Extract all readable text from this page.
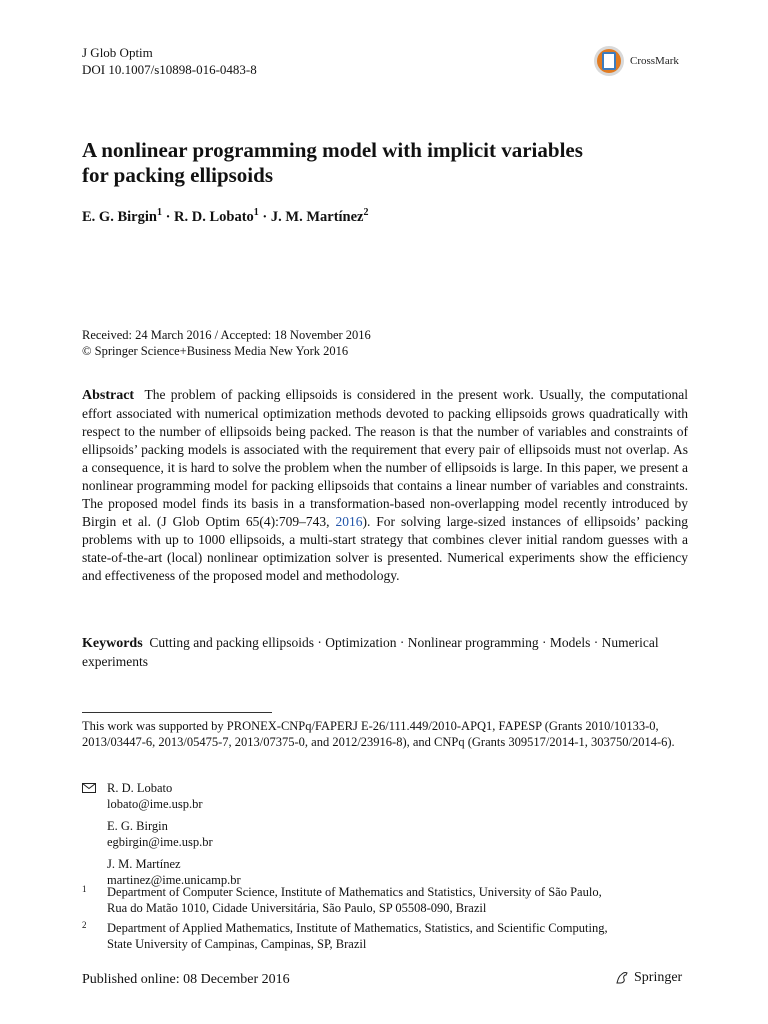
J Glob Optim
DOI 10.1007/s10898-016-0483-8
CrossMark
A nonlinear programming model with implicit variables
for packing ellipsoids
E. G. Birgin$^1$ · R. D. Lobato$^1$ · J. M. Martínez$^2$
Received: 24 March 2016 / Accepted: 18 November 2016
© Springer Science+Business Media New York 2016
Abstract The problem of packing ellipsoids is considered in the present work. Usually, the computational effort associated with numerical optimization methods devoted to packing ellipsoids grows quadratically with respect to the number of ellipsoids being packed. The reason is that the number of variables and constraints of ellipsoids’ packing models is associated with the requirement that every pair of ellipsoids must not overlap. As a consequence, it is hard to solve the problem when the number of ellipsoids is large. In this paper, we present a nonlinear programming model for packing ellipsoids that contains a linear number of variables and constraints. The proposed model finds its basis in a transformation-based non-overlapping model recently introduced by Birgin et al. (J Glob Optim 65(4):709–743, 2016). For solving large-sized instances of ellipsoids’ packing problems with up to 1000 ellipsoids, a multi-start strategy that combines clever initial random guesses with a state-of-the-art (local) nonlinear optimization solver is presented. Numerical experiments show the efficiency and effectiveness of the proposed model and methodology.
Keywords Cutting and packing ellipsoids · Optimization · Nonlinear programming · Models · Numerical experiments
This work was supported by PRONEX-CNPq/FAPERJ E-26/111.449/2010-APQ1, FAPESP (Grants 2010/10133-0, 2013/03447-6, 2013/05475-7, 2013/07375-0, and 2012/23916-8), and CNPq (Grants 309517/2014-1, 303750/2014-6).
R. D. Lobato
lobato@ime.usp.br
E. G. Birgin
egbirgin@ime.usp.br
J. M. Martínez
martinez@ime.unicamp.br
1 Department of Computer Science, Institute of Mathematics and Statistics, University of São Paulo,
Rua do Matão 1010, Cidade Universitária, São Paulo, SP 05508-090, Brazil
2 Department of Applied Mathematics, Institute of Mathematics, Statistics, and Scientific Computing,
State University of Campinas, Campinas, SP, Brazil
Published online: 08 December 2016	Springer
